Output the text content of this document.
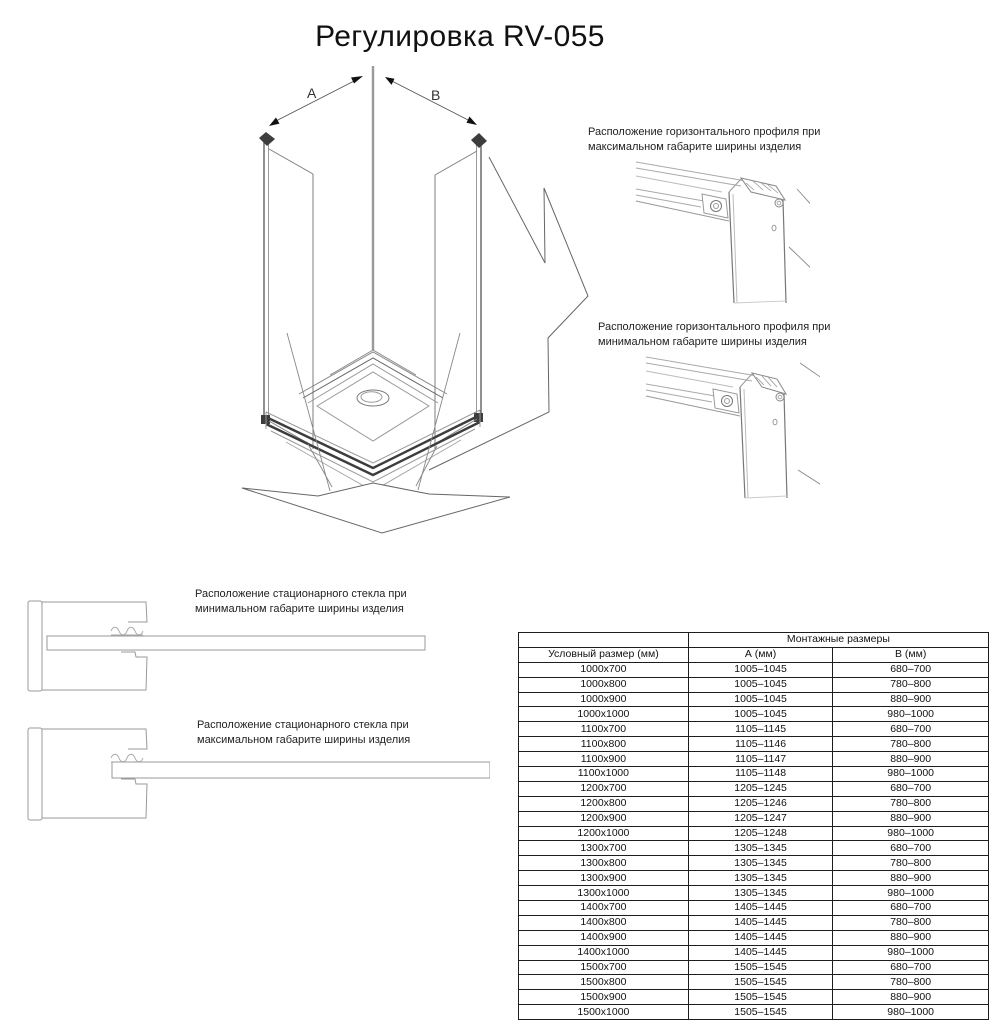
Регулировка RV-055
A	B
Расположение горизонтального профиля при
максимальном габарите ширины изделия
Расположение горизонтального профиля при
минимальном габарите ширины изделия
Расположение стационарного стекла при
минимальном габарите ширины изделия
Расположение стационарного стекла при
максимальном габарите ширины изделия
	Монтажные размеры	
Условный размер (мм)	А (мм)	В (мм)
1000x700	1005–1045	680–700
1000x800	1005–1045	780–800
1000x900	1005–1045	880–900
1000x1000	1005–1045	980–1000
1100x700	1105–1145	680–700
1100x800	1105–1146	780–800
1100x900	1105–1147	880–900
1100x1000	1105–1148	980–1000
1200x700	1205–1245	680–700
1200x800	1205–1246	780–800
1200x900	1205–1247	880–900
1200x1000	1205–1248	980–1000
1300x700	1305–1345	680–700
1300x800	1305–1345	780–800
1300x900	1305–1345	880–900
1300x1000	1305–1345	980–1000
1400x700	1405–1445	680–700
1400x800	1405–1445	780–800
1400x900	1405–1445	880–900
1400x1000	1405–1445	980–1000
1500x700	1505–1545	680–700
1500x800	1505–1545	780–800
1500x900	1505–1545	880–900
1500x1000	1505–1545	980–1000
